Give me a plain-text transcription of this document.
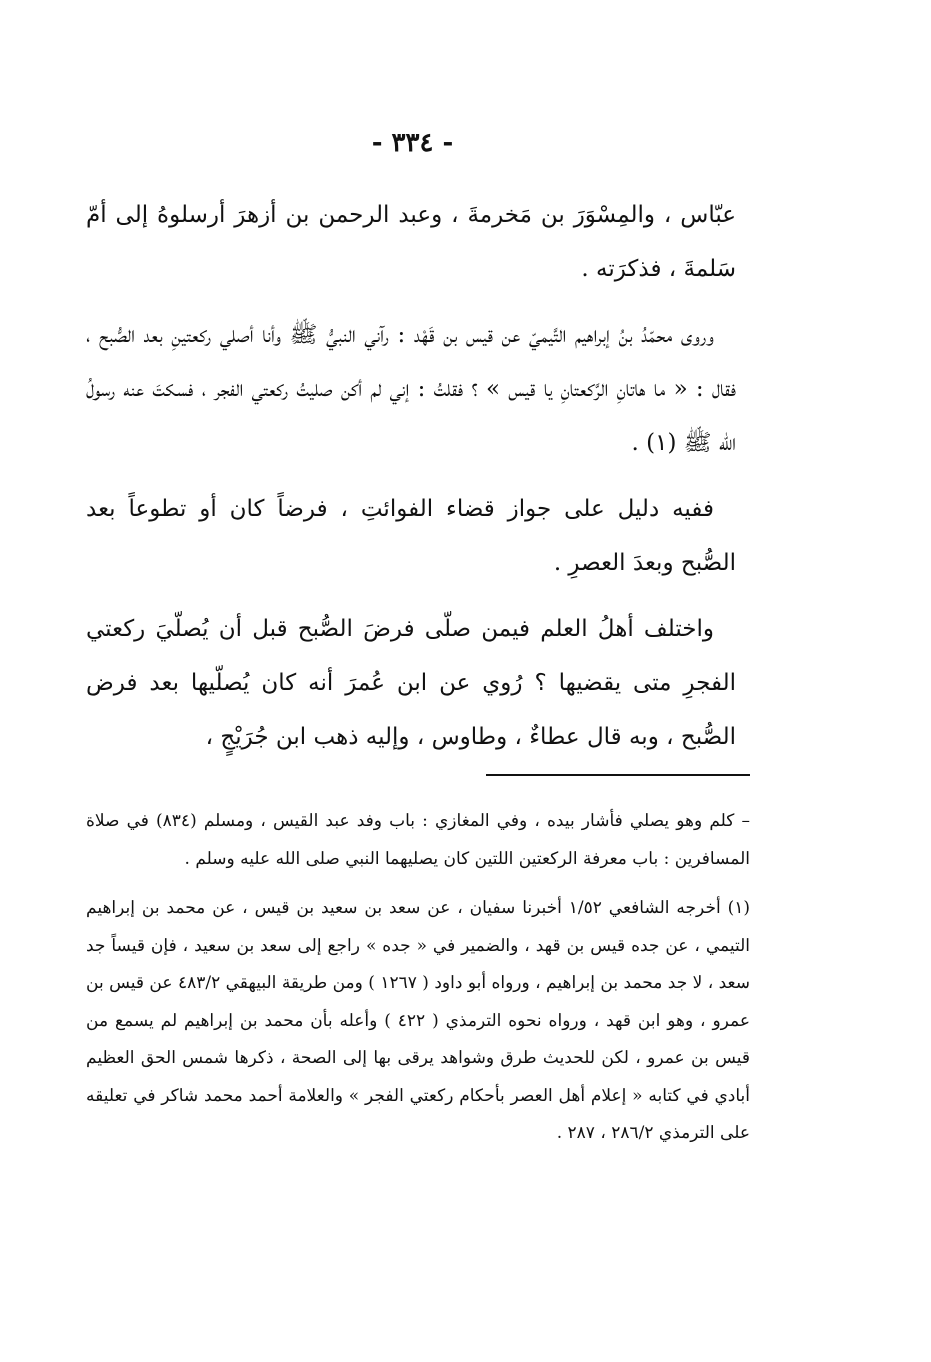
- ٣٣٤ -

عبّاس ، والمِسْوَرَ بن مَخرمةَ ، وعبد الرحمن بن أزهرَ أرسلوهُ إلى أمّ سَلمةَ ، فذكرَته .

وروى محمّدُ بنُ إبراهيم التَّيميّ عن قيس بن قَهْد : رآني النبيُّ ﷺ وأنا أصلي ركعتينِ بعد الصُّبح ، فقال : « ما هاتانِ الرَّكعتانِ يا قيس » ؟ فقلتُ : إني لم أكن صليتُ ركعتي الفجر ، فسكتَ عنه رسولُ الله ﷺ (١) .

ففيه دليل على جواز قضاء الفوائتِ ، فرضاً كان أو تطوعاً بعد الصُّبح وبعدَ العصرِ .

واختلف أهلُ العلم فيمن صلّى فرضَ الصُّبح قبل أن يُصلّيَ ركعتي الفجرِ متى يقضيها ؟ رُوي عن ابن عُمرَ أنه كان يُصلّيها بعد فرض الصُّبح ، وبه قال عطاءٌ ، وطاوس ، وإليه ذهب ابن جُرَيْجٍ ،

– كلم وهو يصلي فأشار بيده ، وفي المغازي : باب وفد عبد القيس ، ومسلم (٨٣٤) في صلاة المسافرين : باب معرفة الركعتين اللتين كان يصليهما النبي صلى الله عليه وسلم .

(١) أخرجه الشافعي ١/٥٢ أخبرنا سفيان ، عن سعد بن سعيد بن قيس ، عن محمد بن إبراهيم التيمي ، عن جده قيس بن قهد ، والضمير في « جده » راجع إلى سعد بن سعيد ، فإن قيساً جد سعد ، لا جد محمد بن إبراهيم ، ورواه أبو داود ( ١٢٦٧ ) ومن طريقة البيهقي ٤٨٣/٢ عن قيس بن عمرو ، وهو ابن قهد ، ورواه نحوه الترمذي ( ٤٢٢ ) وأعله بأن محمد بن إبراهيم لم يسمع من قيس بن عمرو ، لكن للحديث طرق وشواهد يرقى بها إلى الصحة ، ذكرها شمس الحق العظيم أبادي في كتابه « إعلام أهل العصر بأحكام ركعتي الفجر » والعلامة أحمد محمد شاكر في تعليقه على الترمذي ٢٨٦/٢ ، ٢٨٧ .
